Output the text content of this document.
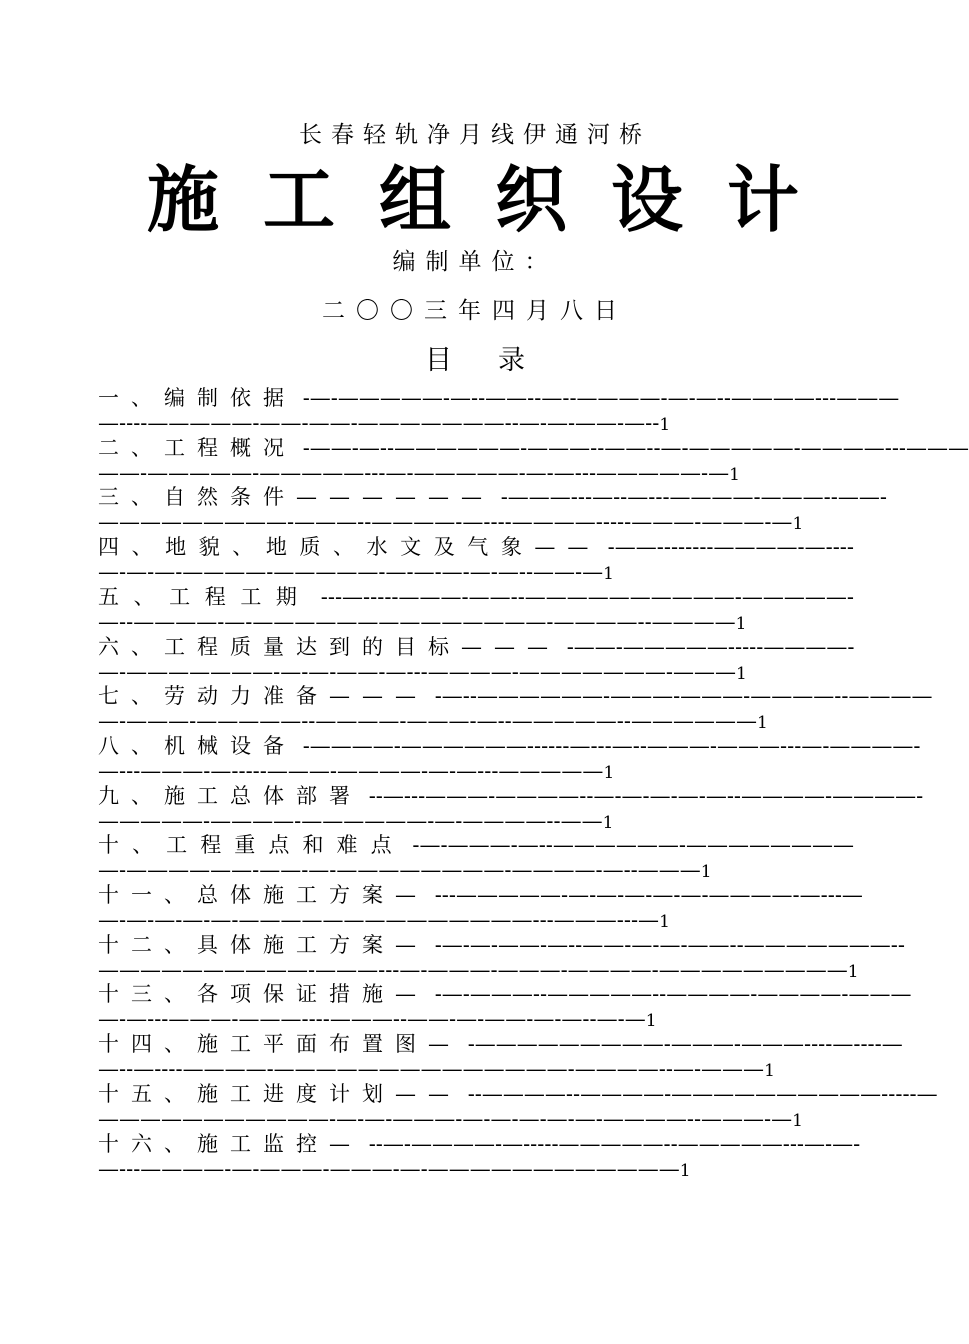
长春轻轨净月线伊通河桥
施工组织设计
编制单位：
二〇〇三年四月八日
目录
一、编制依据 -—-—————-—--——--—--————-—-—--————---———
—----—————-——-——-———————--—-—-——-—--1
二、工程概况 -——-—--——————-———--——--—-—————-————---———
——-—————-—————---—-—————-—-—---—————-—1
三、自然条件—————— -———---—--—---————-———--——-
—————————-———--————-—----————-----———-———-—1
四、地貌、地质、水文及气象—— -——--------————-—----
—-—-—-————-—————-—-—-—-—-—--——-—1
五、工程工期 ---—-----———-——--——————————-—————-
—--————-—-——————————————-————--————1
六、工程质量达到的目标——— -——-—————-----————-
—-———————-—-—-——-—---————-———————-———1
七、劳动力准备——— -—--——————-———-———-————--————
—-———-—————--————-———-—--—————--——————1
八、机械设备 -————-——————------—---—--———-———---—-————-
—---———-—-----———-————-—-—---—————1
九、施工总体部署 --—---———-————--—-—-—-—-—--————-————-
—————-————-——————-—-————--——1
十、工程重点和难点 -—-———-—--——————-————————
—-——————-——-—-————————-————-—--———1
十一、总体施工方案— ---—————-—-—-—-—-—-————-—---—
—-—-—-—-—-——————————————---———---—1
十二、具体施工方案— -—-—-——-—--——-—-—-——--———————--
——————————-———---—-———-———-————-—————————1
十三、各项保证措施— -—-———--—————--————-————-———
—-—---———-———----———--——-—-——-—-—--—-—1
十四、施工平面布置图— -—————————-———-———----—----—
—--—----————-——————————————-————--—-———1
十五、施工进度计划—— --————--————-——————————-----—
———————————-—-—-———-—-—-—-—-—-————--———-—1
十六、施工监控— --—-————-—-----—————--—————---—-—-
—---————-—-———-———-—-————————————1
